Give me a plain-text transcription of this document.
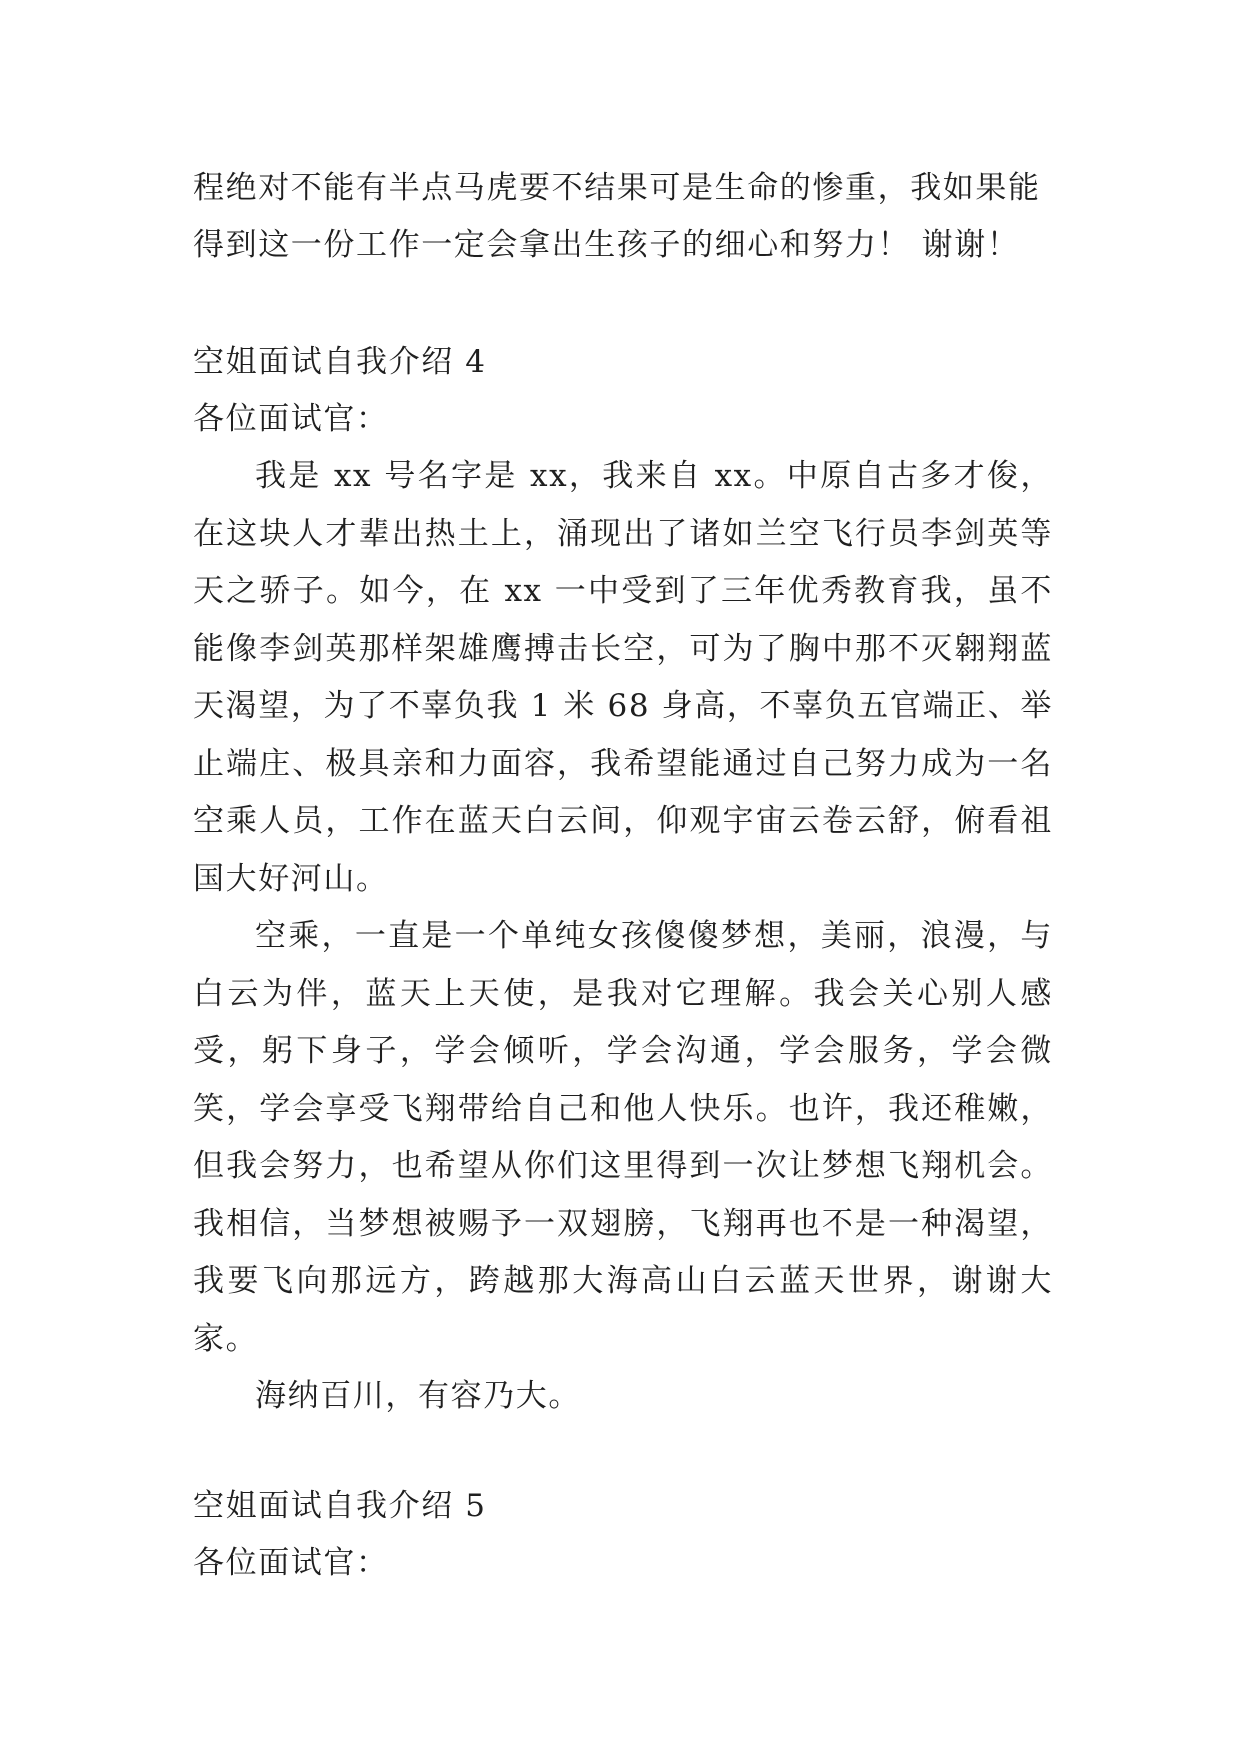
程绝对不能有半点马虎要不结果可是生命的惨重，我如果能得到这一份工作一定会拿出生孩子的细心和努力！ 谢谢！

空姐面试自我介绍 4

各位面试官：

我是 xx 号名字是 xx，我来自 xx。中原自古多才俊，在这块人才辈出热土上，涌现出了诸如兰空飞行员李剑英等天之骄子。如今，在 xx 一中受到了三年优秀教育我，虽不能像李剑英那样架雄鹰搏击长空，可为了胸中那不灭翱翔蓝天渴望，为了不辜负我 1 米 68 身高，不辜负五官端正、举止端庄、极具亲和力面容，我希望能通过自己努力成为一名空乘人员，工作在蓝天白云间，仰观宇宙云卷云舒，俯看祖国大好河山。

空乘，一直是一个单纯女孩傻傻梦想，美丽，浪漫，与白云为伴，蓝天上天使，是我对它理解。我会关心别人感受，躬下身子，学会倾听，学会沟通，学会服务，学会微笑，学会享受飞翔带给自己和他人快乐。也许，我还稚嫩，但我会努力，也希望从你们这里得到一次让梦想飞翔机会。我相信，当梦想被赐予一双翅膀，飞翔再也不是一种渴望，我要飞向那远方，跨越那大海高山白云蓝天世界，谢谢大家。

海纳百川，有容乃大。

空姐面试自我介绍 5

各位面试官：
